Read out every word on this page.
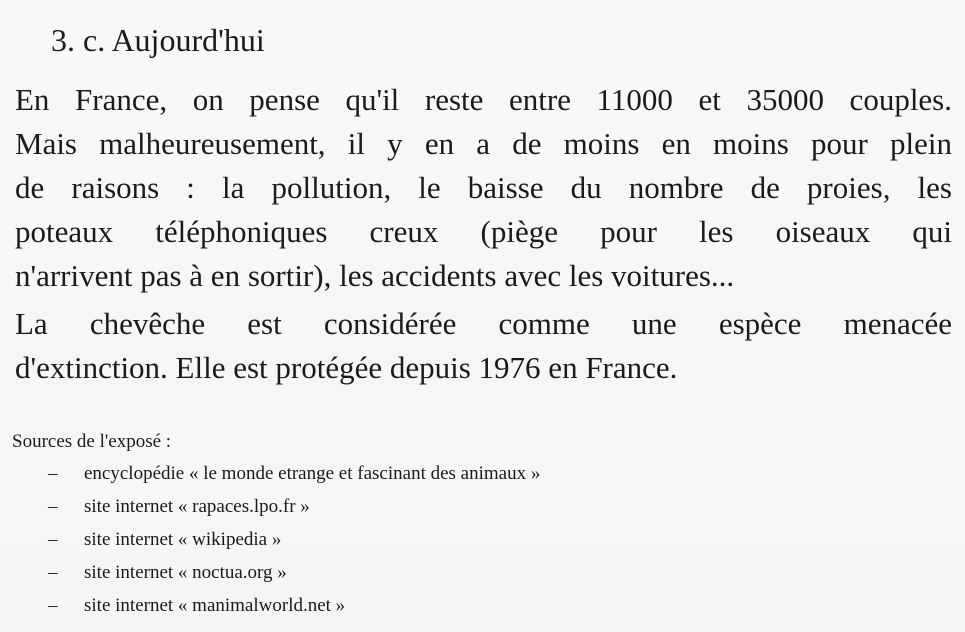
3. c. Aujourd'hui
En France, on pense qu'il reste entre 11000 et 35000 couples.
Mais malheureusement, il y en a de moins en moins pour plein
de raisons : la pollution, le baisse du nombre de proies, les
poteaux téléphoniques creux (piège pour les oiseaux qui
n'arrivent pas à en sortir), les accidents avec les voitures...
La chevêche est considérée comme une espèce menacée
d'extinction. Elle est protégée depuis 1976 en France.
Sources de l'exposé :
– encyclopédie « le monde etrange et fascinant des animaux »
– site internet « rapaces.lpo.fr »
– site internet « wikipedia »
– site internet « noctua.org »
– site internet « manimalworld.net »
